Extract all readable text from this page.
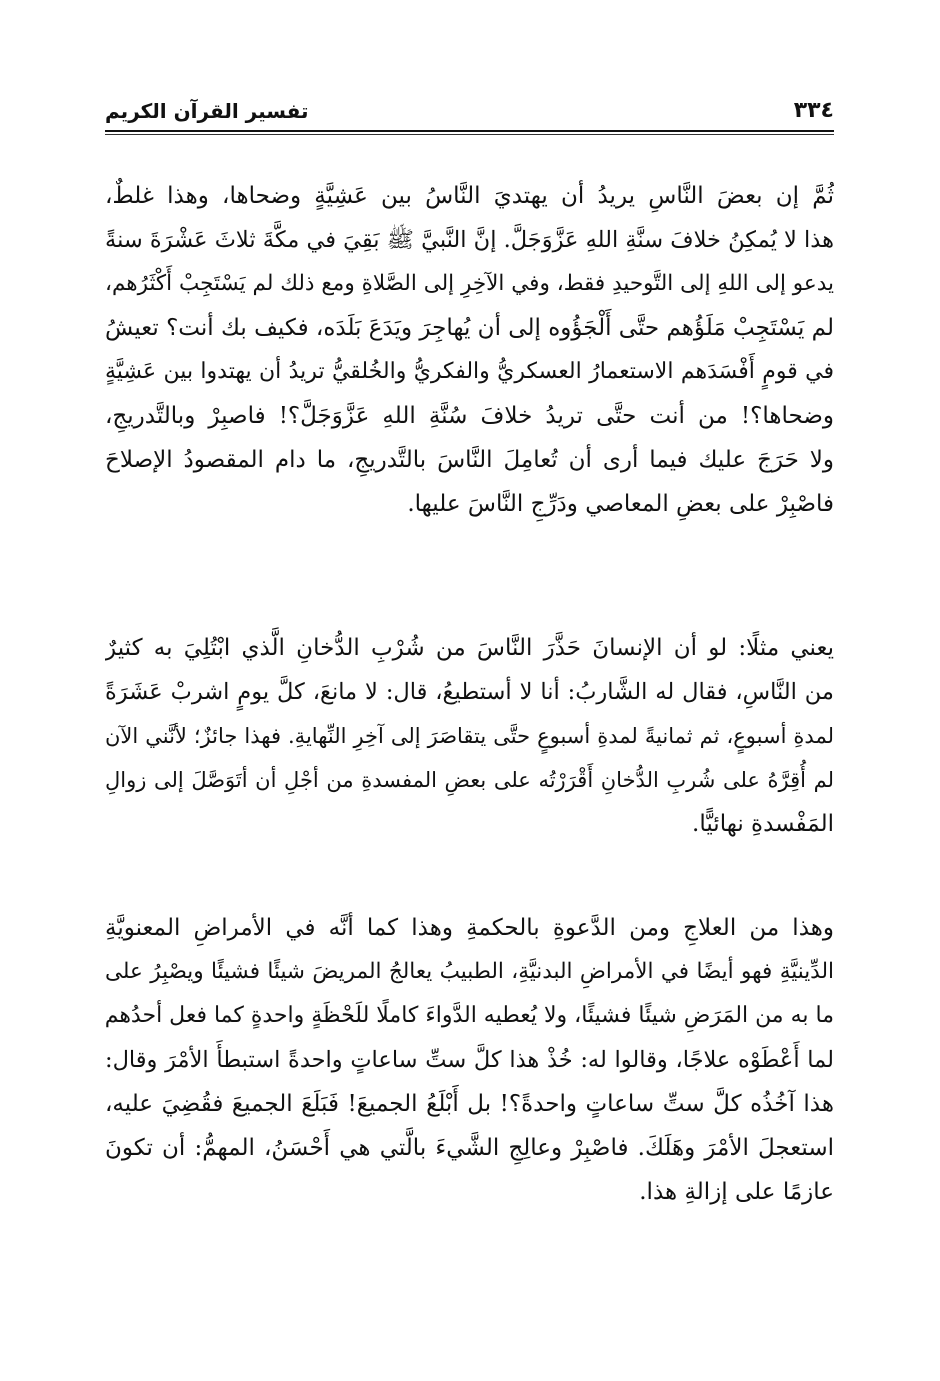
٣٣٤
تفسير القرآن الكريم
ثُمَّ إن بعضَ النَّاسِ يريدُ أن يهتديَ النَّاسُ بين عَشِيَّةٍ وضحاها، وهذا غلطٌ،
هذا لا يُمكِنُ خلافَ سنَّةِ اللهِ عَزَّوَجَلَّ. إنَّ النَّبيَّ ﷺ بَقِيَ في مكَّةَ ثلاثَ عَشْرَةَ سنةً
يدعو إلى اللهِ إلى التَّوحيدِ فقط، وفي الآخِرِ إلى الصَّلاةِ ومع ذلك لم يَسْتَجِبْ أَكْثَرُهم،
لم يَسْتَجِبْ مَلَؤُهم حتَّى أَلْجَؤُوه إلى أن يُهاجِرَ ويَدَعَ بَلَدَه، فكيف بك أنت؟ تعيشُ
في قومٍ أَفْسَدَهم الاستعمارُ العسكريُّ والفكريُّ والخُلقيُّ تريدُ أن يهتدوا بين عَشِيَّةٍ
وضحاها؟! من أنت حتَّى تريدُ خلافَ سُنَّةِ اللهِ عَزَّوَجَلَّ؟! فاصبِرْ وبالتَّدريجِ،
ولا حَرَجَ عليك فيما أرى أن تُعامِلَ النَّاسَ بالتَّدريجِ، ما دام المقصودُ الإصلاحَ
فاصْبِرْ على بعضِ المعاصي ودَرِّجِ النَّاسَ عليها.
يعني مثلًا: لو أن الإنسانَ حَذَّرَ النَّاسَ من شُرْبِ الدُّخانِ الَّذي ابْتُلِيَ به كثيرٌ
من النَّاسِ، فقال له الشَّاربُ: أنا لا أستطيعُ، قال: لا مانعَ، كلَّ يومٍ اشربْ عَشَرَةً
لمدةِ أسبوعٍ، ثم ثمانيةً لمدةِ أسبوعٍ حتَّى يتقاصَرَ إلى آخِرِ النِّهايةِ. فهذا جائزٌ؛ لأنَّني الآن
لم أُقِرَّهُ على شُربِ الدُّخانِ أَقْرَرْتُه على بعضِ المفسدةِ من أجْلِ أن أتَوَصَّلَ إلى زوالِ
المَفْسدةِ نهائيًّا.
وهذا من العلاجِ ومن الدَّعوةِ بالحكمةِ وهذا كما أنَّه في الأمراضِ المعنويَّةِ
الدِّينيَّةِ فهو أيضًا في الأمراضِ البدنيَّةِ، الطبيبُ يعالجُ المريضَ شيئًا فشيئًا ويصْبِرُ على
ما به من المَرَضِ شيئًا فشيئًا، ولا يُعطيه الدَّواءَ كاملًا للَحْظَةٍ واحدةٍ كما فعل أحدُهم
لما أَعْطَوْه علاجًا، وقالوا له: خُذْ هذا كلَّ ستِّ ساعاتٍ واحدةً استبطأَ الأمْرَ وقال:
هذا آخُذُه كلَّ ستِّ ساعاتٍ واحدةً؟! بل أَبْلَعُ الجميعَ! فَبَلَعَ الجميعَ فقُضِيَ عليه،
استعجلَ الأمْرَ وهَلَكَ. فاصْبِرْ وعالِجِ الشَّيءَ بالَّتي هي أَحْسَنُ، المهمُّ: أن تكونَ
عازمًا على إزالةِ هذا.
